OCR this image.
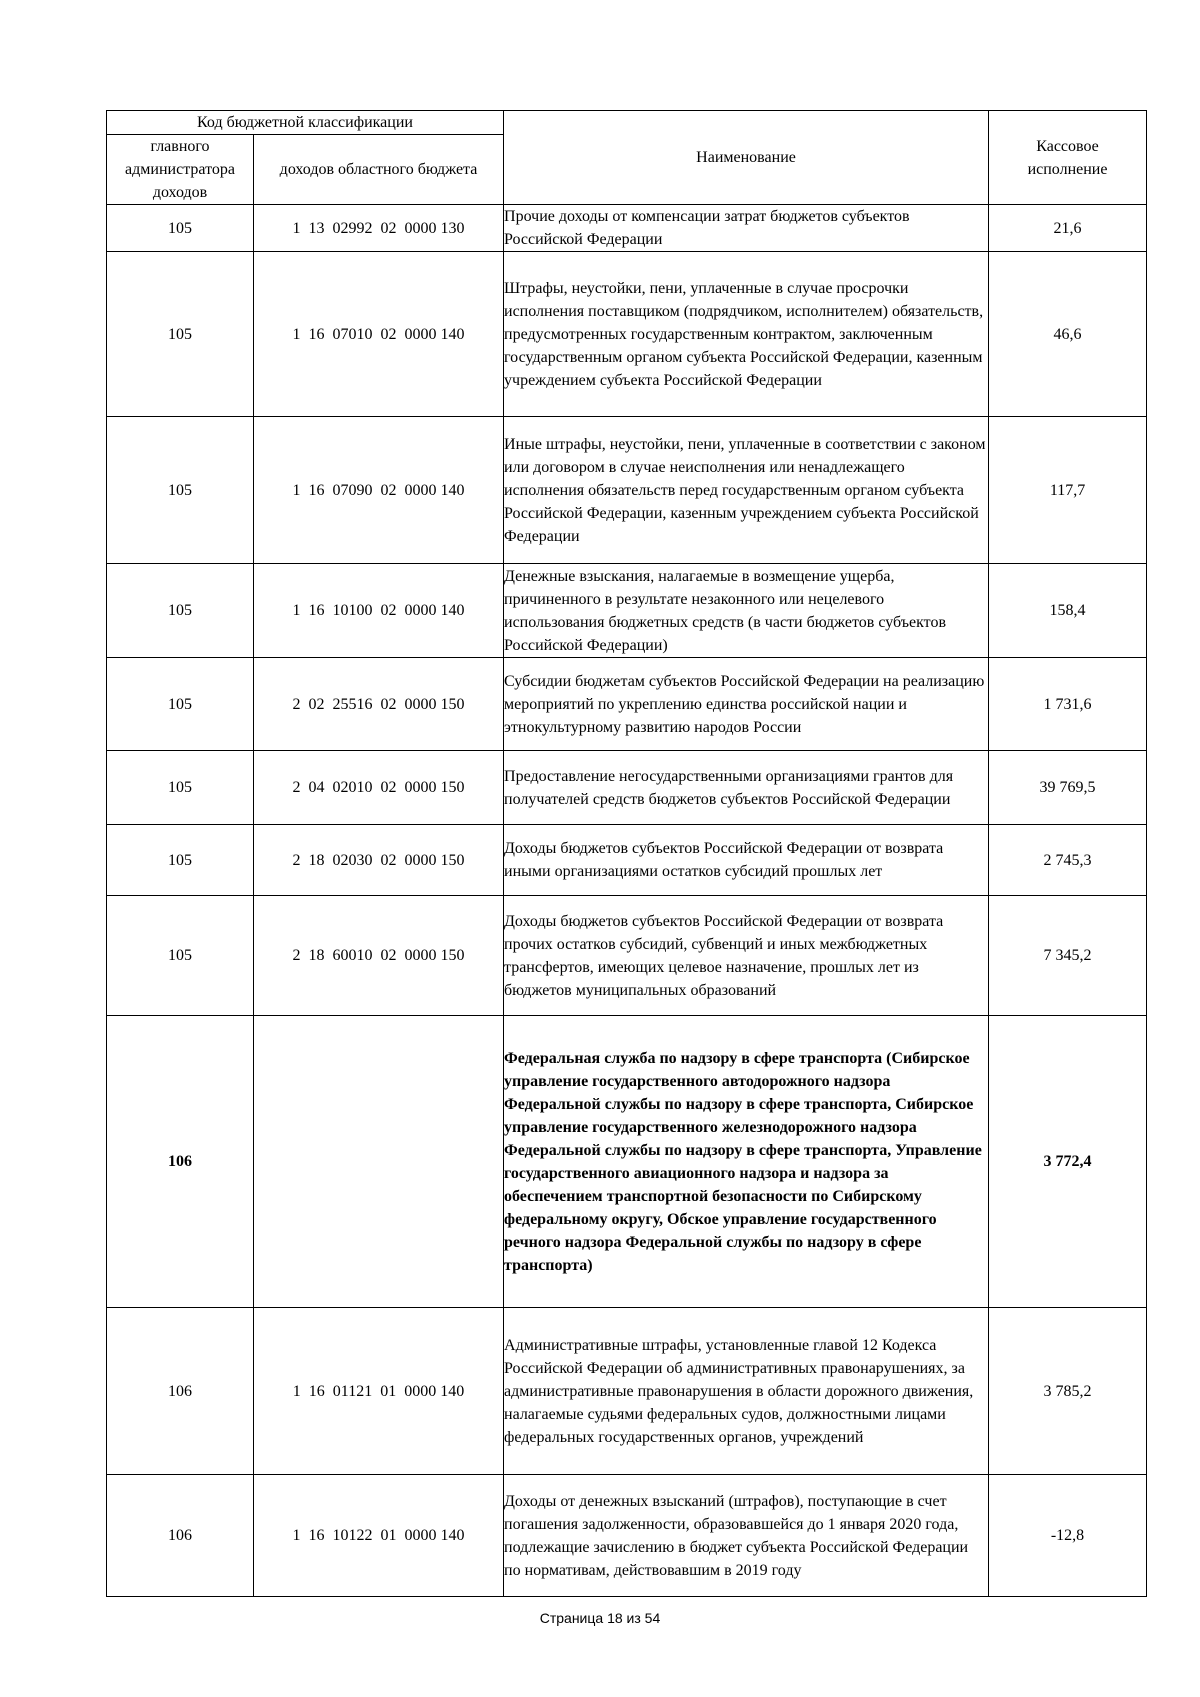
Код бюджетной классификации		Наименование	Кассовое исполнение
главного администратора доходов	доходов областного бюджета		
105	1  13  02992  02  0000 130	Прочие доходы от компенсации затрат бюджетов субъектов Российской Федерации	21,6
105	1  16  07010  02  0000 140	Штрафы, неустойки, пени, уплаченные в случае просрочки исполнения поставщиком (подрядчиком, исполнителем) обязательств, предусмотренных государственным контрактом, заключенным государственным органом субъекта Российской Федерации, казенным учреждением субъекта Российской Федерации	46,6
105	1  16  07090  02  0000 140	Иные штрафы, неустойки, пени, уплаченные в соответствии с законом или договором в случае неисполнения или ненадлежащего исполнения обязательств перед государственным органом субъекта Российской Федерации, казенным учреждением субъекта Российской Федерации	117,7
105	1  16  10100  02  0000 140	Денежные взыскания, налагаемые в возмещение ущерба, причиненного в результате незаконного или нецелевого использования бюджетных средств (в части бюджетов субъектов Российской Федерации)	158,4
105	2  02  25516  02  0000 150	Субсидии бюджетам субъектов Российской Федерации на реализацию мероприятий по укреплению единства российской нации и этнокультурному развитию народов России	1 731,6
105	2  04  02010  02  0000 150	Предоставление негосударственными организациями грантов для получателей средств бюджетов субъектов Российской Федерации	39 769,5
105	2  18  02030  02  0000 150	Доходы бюджетов субъектов Российской Федерации от возврата иными организациями остатков субсидий прошлых лет	2 745,3
105	2  18  60010  02  0000 150	Доходы бюджетов субъектов Российской Федерации от возврата прочих остатков субсидий, субвенций и иных межбюджетных трансфертов, имеющих целевое назначение, прошлых лет из бюджетов муниципальных образований	7 345,2
106		Федеральная служба по надзору в сфере транспорта (Сибирское управление государственного автодорожного надзора Федеральной службы по надзору в сфере транспорта, Сибирское управление государственного железнодорожного надзора Федеральной службы по надзору в сфере транспорта, Управление государственного авиационного надзора и надзора за обеспечением транспортной безопасности по Сибирскому федеральному округу, Обское управление государственного речного надзора Федеральной службы по надзору в сфере транспорта)	3 772,4
106	1  16  01121  01  0000 140	Административные штрафы, установленные главой 12 Кодекса Российской Федерации об административных правонарушениях, за административные правонарушения в области дорожного движения, налагаемые судьями федеральных судов, должностными лицами федеральных государственных органов, учреждений	3 785,2
106	1  16  10122  01  0000 140	Доходы от денежных взысканий (штрафов), поступающие в счет погашения задолженности, образовавшейся до 1 января 2020 года, подлежащие зачислению в бюджет субъекта Российской Федерации по нормативам, действовавшим в 2019 году	-12,8
Страница 18 из 54
